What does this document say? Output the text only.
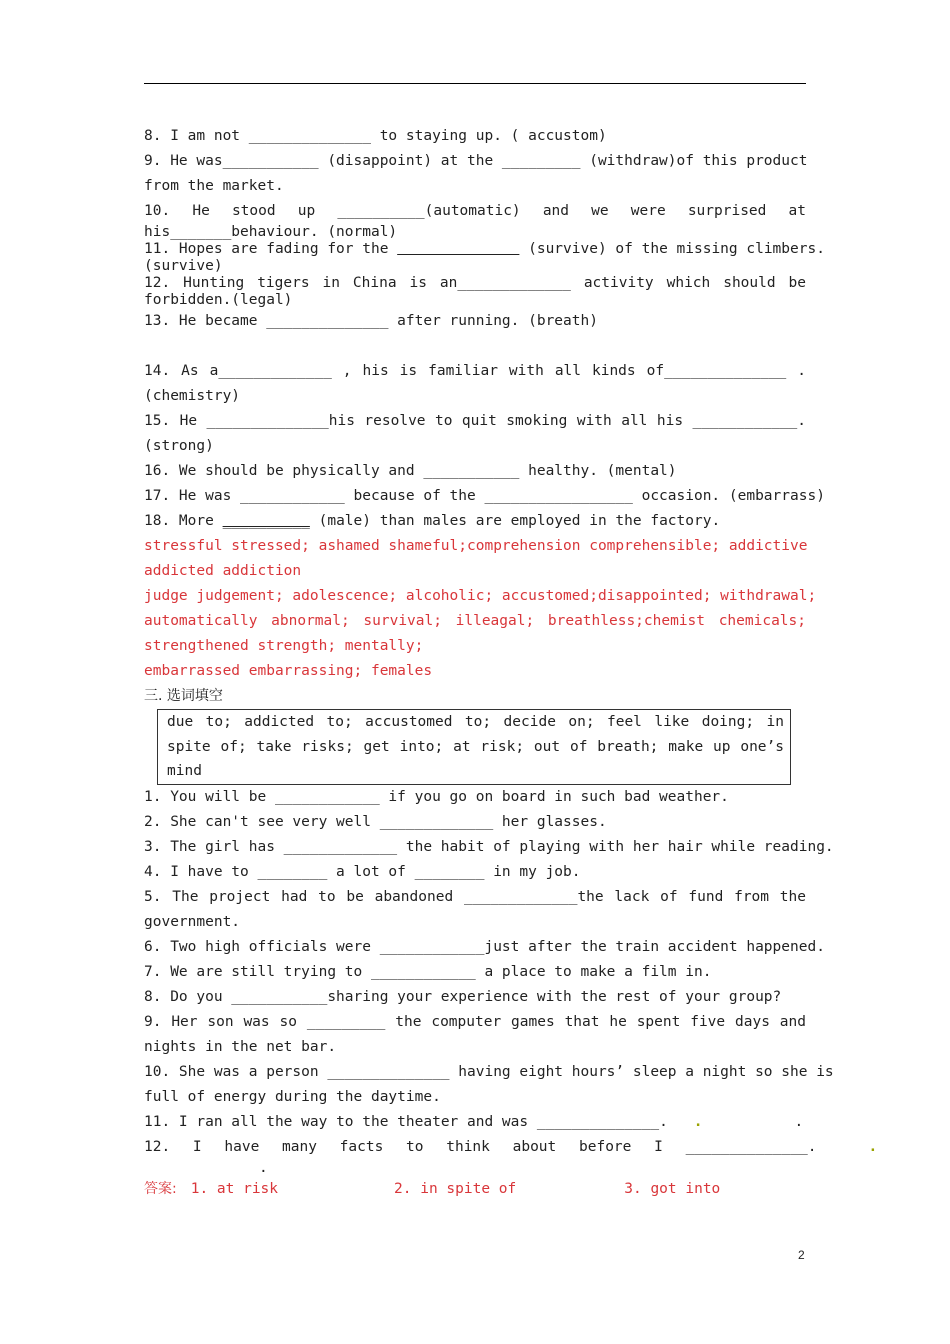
8. I am not ______________ to staying up. ( accustom)
9. He was___________ (disappoint) at the _________ (withdraw)of this product
from the market.
10. He stood up __________(automatic) and we were surprised at
his_______behaviour. (normal)
11. Hopes are fading for the	(survive) of the missing climbers.
(survive)
12. Hunting tigers in China is an_____________ activity which should be
forbidden.(legal)
13. He became ______________ after running. (breath)
14. As a_____________ , his is familiar with all kinds of______________ .
(chemistry)
15. He ______________his resolve to quit smoking with all his ____________.
(strong)
16. We should be physically and ___________ healthy. (mental)
17. He was ____________ because of the _________________ occasion. (embarrass)
18. More __________ (male) than males are employed in the factory.
stressful stressed; ashamed shameful;comprehension comprehensible; addictive
addicted addiction
judge judgement; adolescence; alcoholic; accustomed;disappointed; withdrawal;
automatically abnormal; survival; illeagal; breathless;chemist chemicals;
strengthened strength; mentally;
embarrassed embarrassing; females
三. 选词填空
due to; addicted to; accustomed to; decide on; feel like doing; in
spite of; take risks; get into; at risk; out of breath; make up one’s
mind
1. You will be ____________ if you go on board in such bad weather.
2. She can't see very well _____________ her glasses.
3. The girl has _____________ the habit of playing with her hair while reading.
4. I have to ________ a lot of ________ in my job.
5. The project had to be abandoned _____________the lack of fund from the
government.
6. Two high officials were ____________just after the train accident happened.
7. We are still trying to ____________ a place to make a film in.
8. Do you ___________sharing your experience with the rest of your group?
9. Her son was so _________ the computer games that he spent five days and
nights in the net bar.
10. She was a person ______________ having eight hours’ sleep a night so she is
full of energy during the daytime.
11. I ran all the way to the theater and was ______________. .	.
12. I have many facts to think about before I ______________.	.
.
答案: 1. at risk	2. in spite of	3. got into
2
